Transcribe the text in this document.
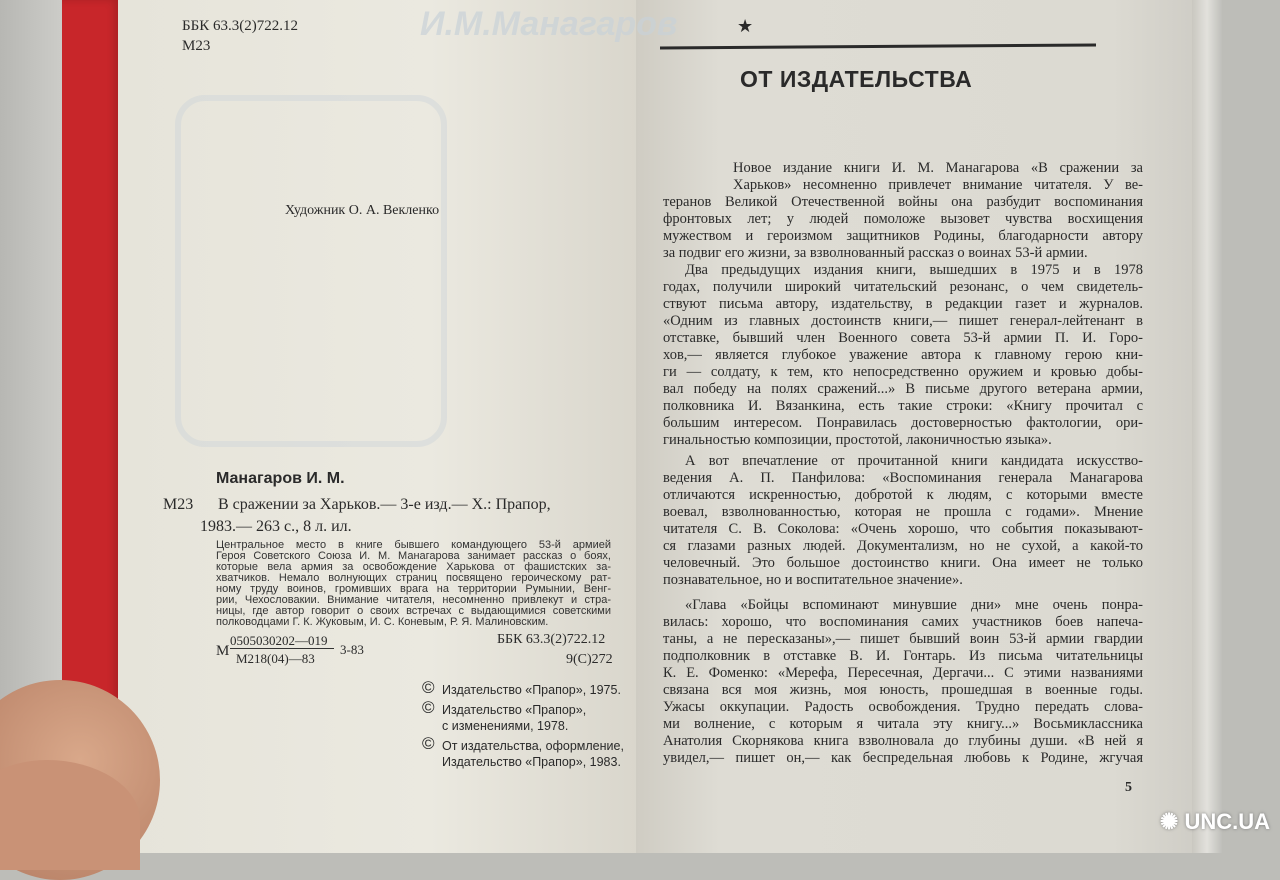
И.М.Манагаров
ББК 63.3(2)722.12
М23
Художник О. А. Векленко
Манагаров И. М.
М23 В сражении за Харьков.— 3-е изд.— Х.: Прапор,
1983.— 263 с., 8 л. ил.
Центральное место в книге бывшего командующего 53-й армией
Героя Советского Союза И. М. Манагарова занимает рассказ о боях,
которые вела армия за освобождение Харькова от фашистских за-
хватчиков. Немало волнующих страниц посвящено героическому рат-
ному труду воинов, громивших врага на территории Румынии, Венг-
рии, Чехословакии. Внимание читателя, несомненно привлекут и стра-
ницы, где автор говорит о своих встречах с выдающимися советскими
полководцами Г. К. Жуковым, И. С. Коневым, Р. Я. Малиновским.
М
0505030202—019
М218(04)—83
3-83
ББК 63.3(2)722.12
9(С)272
© Издательство «Прапор», 1975.
© Издательство «Прапор»,
с изменениями, 1978.
© От издательства, оформление,
Издательство «Прапор», 1983.
★
ОТ ИЗДАТЕЛЬСТВА
Новое издание книги И. М. Манагарова «В сражении за
Харьков» несомненно привлечет внимание читателя. У ве-
теранов Великой Отечественной войны она разбудит воспоминания
фронтовых лет; у людей помоложе вызовет чувства восхищения
мужеством и героизмом защитников Родины, благодарности автору
за подвиг его жизни, за взволнованный рассказ о воинах 53-й армии.
Два предыдущих издания книги, вышедших в 1975 и в 1978
годах, получили широкий читательский резонанс, о чем свидетель-
ствуют письма автору, издательству, в редакции газет и журналов.
«Одним из главных достоинств книги,— пишет генерал-лейтенант в
отставке, бывший член Военного совета 53-й армии П. И. Горо-
хов,— является глубокое уважение автора к главному герою кни-
ги — солдату, к тем, кто непосредственно оружием и кровью добы-
вал победу на полях сражений...» В письме другого ветерана армии,
полковника И. Вязанкина, есть такие строки: «Книгу прочитал с
большим интересом. Понравилась достоверностью фактологии, ори-
гинальностью композиции, простотой, лаконичностью языка».
А вот впечатление от прочитанной книги кандидата искусство-
ведения А. П. Панфилова: «Воспоминания генерала Манагарова
отличаются искренностью, добротой к людям, с которыми вместе
воевал, взволнованностью, которая не прошла с годами». Мнение
читателя С. В. Соколова: «Очень хорошо, что события показывают-
ся глазами разных людей. Документализм, но не сухой, а какой-то
человечный. Это большое достоинство книги. Она имеет не только
познавательное, но и воспитательное значение».
«Глава «Бойцы вспоминают минувшие дни» мне очень понра-
вилась: хорошо, что воспоминания самих участников боев напеча-
таны, а не пересказаны»,— пишет бывший воин 53-й армии гвардии
подполковник в отставке В. И. Гонтарь. Из письма читательницы
К. Е. Фоменко: «Мерефа, Пересечная, Дергачи... С этими названиями
связана вся моя жизнь, моя юность, прошедшая в военные годы.
Ужасы оккупации. Радость освобождения. Трудно передать слова-
ми волнение, с которым я читала эту книгу...» Восьмиклассника
Анатолия Скорнякова книга взволновала до глубины души. «В ней я
увидел,— пишет он,— как беспредельная любовь к Родине, жгучая
5
✺ UNC.UA
